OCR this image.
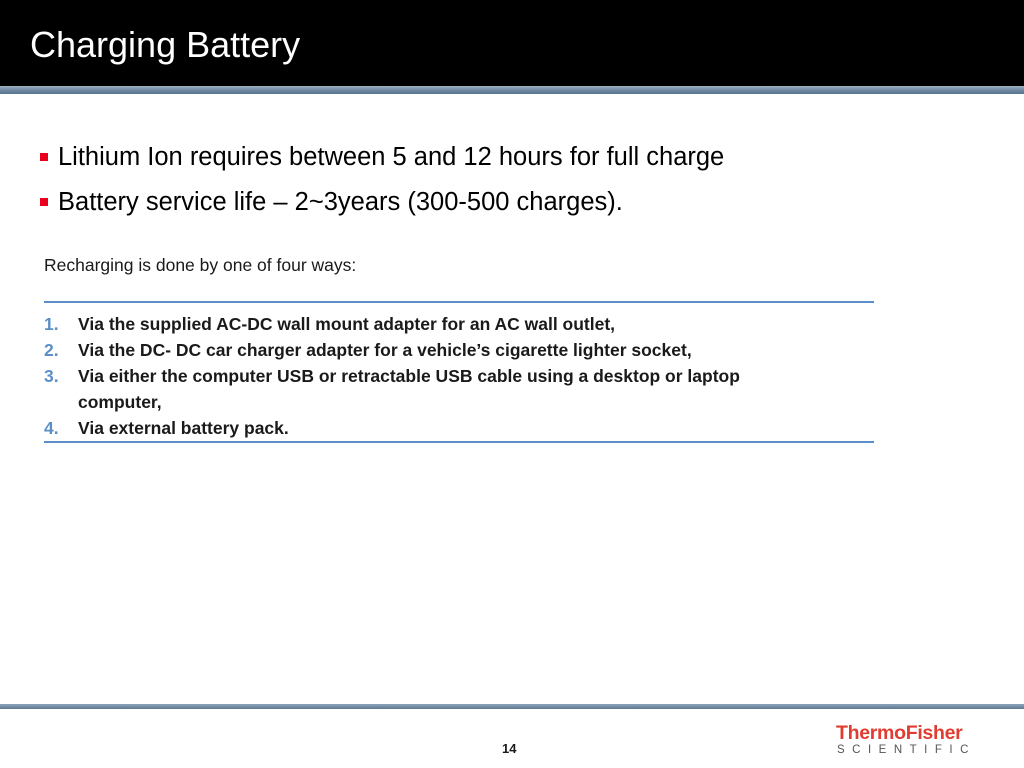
Charging Battery
Lithium Ion requires between 5 and 12 hours for full charge
Battery service life – 2~3years (300-500 charges).
Recharging is done by one of four ways:
1.	Via the supplied AC-DC wall mount adapter for an AC wall outlet,
2.	Via the DC- DC car charger adapter for a vehicle’s cigarette lighter socket,
3.	Via either the computer USB or retractable USB cable using a desktop or laptop computer,
4.	Via external battery pack.
14
ThermoFisher
SCIENTIFIC
